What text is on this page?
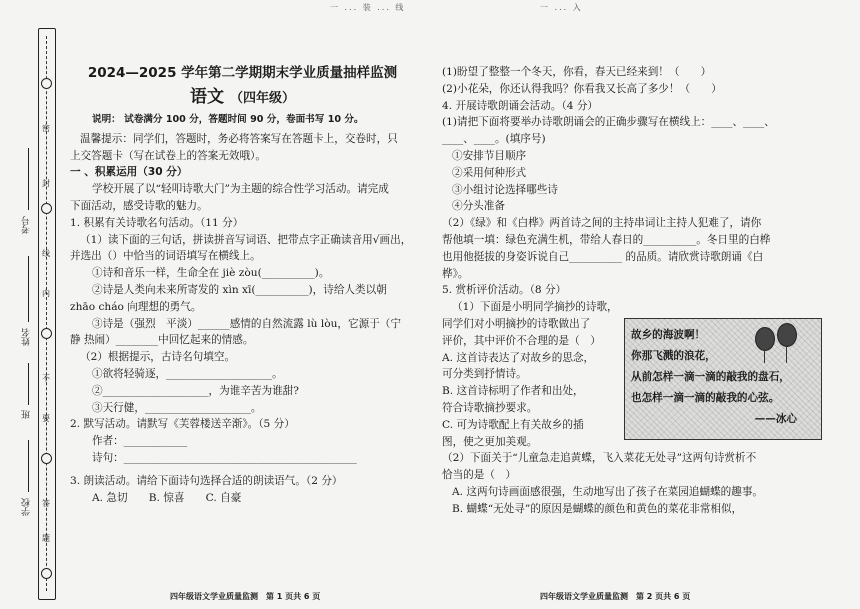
一 ... 装 ... 线	一 ... 入
密
封
线
内
不
要
答
题
考号
姓名
班
学校
2024—2025 学年第二学期期末学业质量抽样监测
语文 （四年级）
说明： 试卷满分 100 分，答题时间 90 分，卷面书写 10 分。
温馨提示：同学们，答题时，务必将答案写在答题卡上，交卷时，只
上交答题卡（写在试卷上的答案无效哦）。
一 、积累运用（30 分）
学校开展了以“轻叩诗歌大门”为主题的综合性学习活动。请完成
下面活动，感受诗歌的魅力。
1. 积累有关诗歌名句活动。（11 分）
（1）读下面的三句话，拼读拼音写词语、把带点字正确读音用√画出，
并选出（）中恰当的词语填写在横线上。
①诗和音乐一样，生命全在 jiè zòu(__________)。
②诗是人类向未来所寄发的 xìn xī(__________)，诗给人类以朝
zhāo cháo 向理想的勇气。
③诗是（强烈　平淡）______感情的自然流露 lù lòu，它源于（宁
静 热闹）________中回忆起来的情感。
（2）根据提示，古诗名句填空。
①欲将轻骑逐，____________________。
②____________________，为谁辛苦为谁甜?
③天行健，____________________。
2. 默写活动。请默写《芙蓉楼送辛渐》。（5 分）
作者：____________
诗句：____________________________________________
3. 朗读活动。请给下面诗句选择合适的朗读语气。（2 分）
A. 急切　　B. 惊喜　　C. 自豪
四年级语文学业质量监测　第 1 页共 6 页
(1)盼望了整整一个冬天，你看，春天已经来到！（　　）
(2)小花朵，你还认得我吗？你看我又长高了多少！（　　）
4. 开展诗歌朗诵会活动。（4 分）
(1)请把下面将要举办诗歌朗诵会的正确步骤写在横线上：____、____、
____、____。(填序号)
①安排节目顺序
②采用何种形式
③小组讨论选择哪些诗
④分头准备
（2）《绿》和《白桦》两首诗之间的主持串词让主持人犯难了，请你
帮他填一填：绿色充满生机，带给人春日的__________。冬日里的白桦
也用他挺拔的身姿诉说自己__________ 的品质。请欣赏诗歌朗诵《白
桦》。
5. 赏析评价活动。（8 分）
（1）下面是小明同学摘抄的诗歌，
同学们对小明摘抄的诗歌做出了
评价，其中评价不合理的是（　）
A. 这首诗表达了对故乡的思念，
可分类到抒情诗。
B. 这首诗标明了作者和出处，
符合诗歌摘抄要求。
C. 可为诗歌配上有关故乡的插
图，使之更加美观。
（2）下面关于“儿童急走追黄蝶，飞入菜花无处寻”这两句诗赏析不
恰当的是（　）
A. 这两句诗画面感很强，生动地写出了孩子在菜园追蝴蝶的趣事。
B. 蝴蝶“无处寻”的原因是蝴蝶的颜色和黄色的菜花非常相似，
故乡的海波啊！
你那飞溅的浪花，
从前怎样一滴一滴的敲我的盘石，
也怎样一滴一滴的敲我的心弦。
——冰心
四年级语文学业质量监测　第 2 页共 6 页
